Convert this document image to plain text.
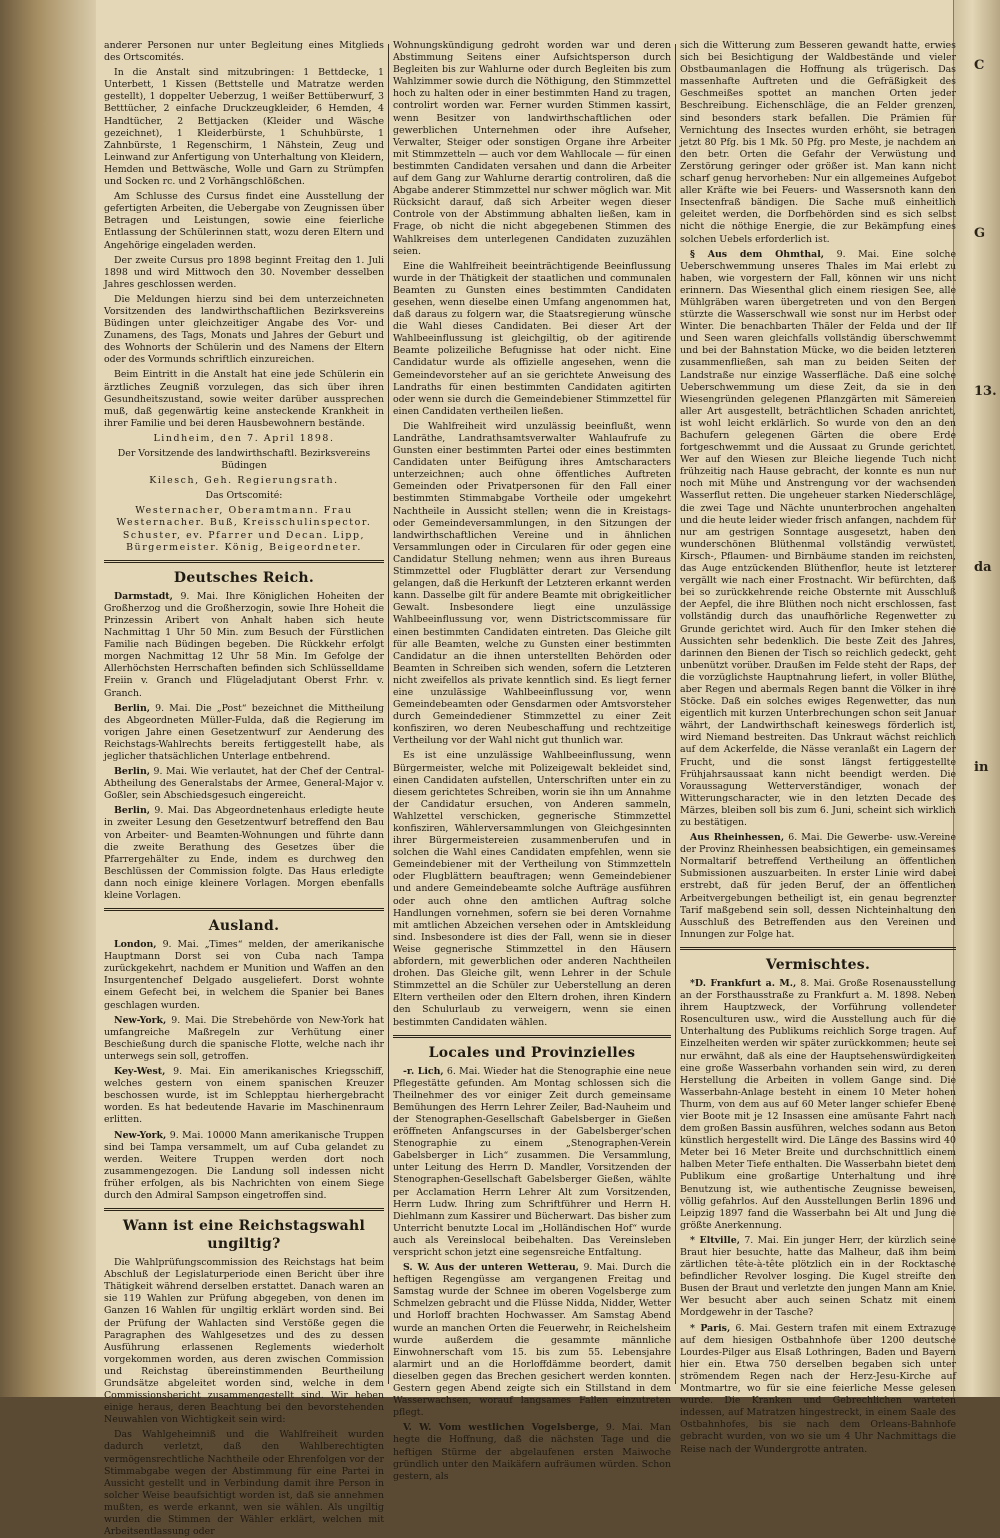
C
G
13.
da
in

anderer Personen nur unter Begleitung eines Mitglieds des Ortscomités.

In die Anstalt sind mitzubringen: 1 Bettdecke, 1 Unterbett, 1 Kissen (Bettstelle und Matratze werden gestellt), 1 doppelter Ueberzug, 1 weißer Bettüberwurf, 3 Betttücher, 2 einfache Druckzeugkleider, 6 Hemden, 4 Handtücher, 2 Bettjacken (Kleider und Wäsche gezeichnet), 1 Kleiderbürste, 1 Schuhbürste, 1 Zahnbürste, 1 Regenschirm, 1 Nähstein, Zeug und Leinwand zur Anfertigung von Unterhaltung von Kleidern, Hemden und Bettwäsche, Wolle und Garn zu Strümpfen und Socken rc. und 2 Vorhängschlößchen.

Am Schlusse des Cursus findet eine Ausstellung der gefertigten Arbeiten, die Uebergabe von Zeugnissen über Betragen und Leistungen, sowie eine feierliche Entlassung der Schülerinnen statt, wozu deren Eltern und Angehörige eingeladen werden.

Der zweite Cursus pro 1898 beginnt Freitag den 1. Juli 1898 und wird Mittwoch den 30. November desselben Jahres geschlossen werden.

Die Meldungen hierzu sind bei dem unterzeichneten Vorsitzenden des landwirthschaftlichen Bezirksvereins Büdingen unter gleichzeitiger Angabe des Vor- und Zunamens, des Tags, Monats und Jahres der Geburt und des Wohnorts der Schülerin und des Namens der Eltern oder des Vormunds schriftlich einzureichen.

Beim Eintritt in die Anstalt hat eine jede Schülerin ein ärztliches Zeugniß vorzulegen, das sich über ihren Gesundheitszustand, sowie weiter darüber aussprechen muß, daß gegenwärtig keine ansteckende Krankheit in ihrer Familie und bei deren Hausbewohnern bestände.

Lindheim, den 7. April 1898.

Der Vorsitzende des landwirthschaftl. Bezirksvereins Büdingen

Kilesch, Geh. Regierungsrath.

Das Ortscomité:

Westernacher, Oberamtmann. Frau Westernacher. Buß, Kreisschulinspector. Schuster, ev. Pfarrer und Decan. Lipp, Bürgermeister. König, Beigeordneter.

Deutsches Reich.

Darmstadt, 9. Mai. Ihre Königlichen Hoheiten der Großherzog und die Großherzogin, sowie Ihre Hoheit die Prinzessin Aribert von Anhalt haben sich heute Nachmittag 1 Uhr 50 Min. zum Besuch der Fürstlichen Familie nach Büdingen begeben. Die Rückkehr erfolgt morgen Nachmittag 12 Uhr 58 Min. Im Gefolge der Allerhöchsten Herrschaften befinden sich Schlüsselldame Freiin v. Granch und Flügeladjutant Oberst Frhr. v. Granch.

Berlin, 9. Mai. Die „Post“ bezeichnet die Mittheilung des Abgeordneten Müller-Fulda, daß die Regierung im vorigen Jahre einen Gesetzentwurf zur Aenderung des Reichstags-Wahlrechts bereits fertiggestellt habe, als jeglicher thatsächlichen Unterlage entbehrend.

Berlin, 9. Mai. Wie verlautet, hat der Chef der Central-Abtheilung des Generalstabs der Armee, General-Major v. Goßler, sein Abschiedsgesuch eingereicht.

Berlin, 9. Mai. Das Abgeordnetenhaus erledigte heute in zweiter Lesung den Gesetzentwurf betreffend den Bau von Arbeiter- und Beamten-Wohnungen und führte dann die zweite Berathung des Gesetzes über die Pfarrergehälter zu Ende, indem es durchweg den Beschlüssen der Commission folgte. Das Haus erledigte dann noch einige kleinere Vorlagen. Morgen ebenfalls kleine Vorlagen.

Ausland.

London, 9. Mai. „Times“ melden, der amerikanische Hauptmann Dorst sei von Cuba nach Tampa zurückgekehrt, nachdem er Munition und Waffen an den Insurgentenchef Delgado ausgeliefert. Dorst wohnte einem Gefecht bei, in welchem die Spanier bei Banes geschlagen wurden.

New-York, 9. Mai. Die Strebehörde von New-York hat umfangreiche Maßregeln zur Verhütung einer Beschießung durch die spanische Flotte, welche nach ihr unterwegs sein soll, getroffen.

Key-West, 9. Mai. Ein amerikanisches Kriegsschiff, welches gestern von einem spanischen Kreuzer beschossen wurde, ist im Schlepptau hierhergebracht worden. Es hat bedeutende Havarie im Maschinenraum erlitten.

New-York, 9. Mai. 10000 Mann amerikanische Truppen sind bei Tampa versammelt, um auf Cuba gelandet zu werden. Weitere Truppen werden dort noch zusammengezogen. Die Landung soll indessen nicht früher erfolgen, als bis Nachrichten von einem Siege durch den Admiral Sampson eingetroffen sind.

Wann ist eine Reichstagswahl ungiltig?

Die Wahlprüfungscommission des Reichstags hat beim Abschluß der Legislaturperiode einen Bericht über ihre Thätigkeit während derselben erstattet. Danach waren an sie 119 Wahlen zur Prüfung abgegeben, von denen im Ganzen 16 Wahlen für ungiltig erklärt worden sind. Bei der Prüfung der Wahlacten sind Verstöße gegen die Paragraphen des Wahlgesetzes und des zu dessen Ausführung erlassenen Reglements wiederholt vorgekommen worden, aus deren zwischen Commission und Reichstag übereinstimmenden Beurtheilung Grundsätze abgeleitet worden sind, welche in dem Commissionsbericht zusammengestellt sind. Wir heben einige heraus, deren Beachtung bei den bevorstehenden Neuwahlen von Wichtigkeit sein wird:

Das Wahlgeheimniß und die Wahlfreiheit wurden dadurch verletzt, daß den Wahlberechtigten vermögensrechtliche Nachtheile oder Ehrenfolgen vor der Stimmabgabe wegen der Abstimmung für eine Partei in Aussicht gestellt und in Verbindung damit ihre Person in solcher Weise beaufsichtigt worden ist, daß sie annehmen mußten, es werde erkannt, wen sie wählen. Als ungiltig wurden die Stimmen der Wähler erklärt, welchen mit Arbeitsentlassung oder

Wohnungskündigung gedroht worden war und deren Abstimmung Seitens einer Aufsichtsperson durch Begleiten bis zur Wahlurne oder durch Begleiten bis zum Wahlzimmer sowie durch die Nöthigung, den Stimmzettel hoch zu halten oder in einer bestimmten Hand zu tragen, controlirt worden war. Ferner wurden Stimmen kassirt, wenn Besitzer von landwirthschaftlichen oder gewerblichen Unternehmen oder ihre Aufseher, Verwalter, Steiger oder sonstigen Organe ihre Arbeiter mit Stimmzetteln — auch vor dem Wahllocale — für einen bestimmten Candidaten versahen und dann die Arbeiter auf dem Gang zur Wahlurne derartig controliren, daß die Abgabe anderer Stimmzettel nur schwer möglich war. Mit Rücksicht darauf, daß sich Arbeiter wegen dieser Controle von der Abstimmung abhalten ließen, kam in Frage, ob nicht die nicht abgegebenen Stimmen des Wahlkreises dem unterlegenen Candidaten zuzuzählen seien.

Eine die Wahlfreiheit beeinträchtigende Beeinflussung wurde in der Thätigkeit der staatlichen und communalen Beamten zu Gunsten eines bestimmten Candidaten gesehen, wenn dieselbe einen Umfang angenommen hat, daß daraus zu folgern war, die Staatsregierung wünsche die Wahl dieses Candidaten. Bei dieser Art der Wahlbeeinflussung ist gleichgiltig, ob der agitirende Beamte polizeiliche Befugnisse hat oder nicht. Eine Candidatur wurde als offizielle angesehen, wenn die Gemeindevorsteher auf an sie gerichtete Anweisung des Landraths für einen bestimmten Candidaten agitirten oder wenn sie durch die Gemeindebiener Stimmzettel für einen Candidaten vertheilen ließen.

Die Wahlfreiheit wird unzulässig beeinflußt, wenn Landräthe, Landrathsamtsverwalter Wahlaufrufe zu Gunsten einer bestimmten Partei oder eines bestimmten Candidaten unter Beifügung ihres Amtscharacters unterzeichnen; auch ohne öffentliches Auftreten Gemeinden oder Privatpersonen für den Fall einer bestimmten Stimmabgabe Vortheile oder umgekehrt Nachtheile in Aussicht stellen; wenn die in Kreistags- oder Gemeindeversammlungen, in den Sitzungen der landwirthschaftlichen Vereine und in ähnlichen Versammlungen oder in Circularen für oder gegen eine Candidatur Stellung nehmen; wenn aus ihren Bureaus Stimmzettel oder Flugblätter derart zur Versendung gelangen, daß die Herkunft der Letzteren erkannt werden kann. Dasselbe gilt für andere Beamte mit obrigkeitlicher Gewalt. Insbesondere liegt eine unzulässige Wahlbeeinflussung vor, wenn Districtscommissare für einen bestimmten Candidaten eintreten. Das Gleiche gilt für alle Beamten, welche zu Gunsten einer bestimmten Candidatur an die ihnen unterstellten Behörden oder Beamten in Schreiben sich wenden, sofern die Letzteren nicht zweifellos als private kenntlich sind. Es liegt ferner eine unzulässige Wahlbeeinflussung vor, wenn Gemeindebeamten oder Gensdarmen oder Amtsvorsteher durch Gemeindediener Stimmzettel zu einer Zeit konfisziren, wo deren Neubeschaffung und rechtzeitige Vertheilung vor der Wahl nicht gut thunlich war.

Es ist eine unzulässige Wahlbeeinflussung, wenn Bürgermeister, welche mit Polizeigewalt bekleidet sind, einen Candidaten aufstellen, Unterschriften unter ein zu diesem gerichtetes Schreiben, worin sie ihn um Annahme der Candidatur ersuchen, von Anderen sammeln, Wahlzettel verschicken, gegnerische Stimmzettel konfisziren, Wählerversammlungen von Gleichgesinnten ihrer Bürgermeistereien zusammenberufen und in solchen die Wahl eines Candidaten empfehlen, wenn sie Gemeindebiener mit der Vertheilung von Stimmzetteln oder Flugblättern beauftragen; wenn Gemeindebiener und andere Gemeindebeamte solche Aufträge ausführen oder auch ohne den amtlichen Auftrag solche Handlungen vornehmen, sofern sie bei deren Vornahme mit amtlichen Abzeichen versehen oder in Amtskleidung sind. Insbesondere ist dies der Fall, wenn sie in dieser Weise gegnerische Stimmzettel in den Häusern abfordern, mit gewerblichen oder anderen Nachtheilen drohen. Das Gleiche gilt, wenn Lehrer in der Schule Stimmzettel an die Schüler zur Ueberstellung an deren Eltern vertheilen oder den Eltern drohen, ihren Kindern den Schulurlaub zu verweigern, wenn sie einen bestimmten Candidaten wählen.

Locales und Provinzielles

-r. Lich, 6. Mai. Wieder hat die Stenographie eine neue Pflegestätte gefunden. Am Montag schlossen sich die Theilnehmer des vor einiger Zeit durch gemeinsame Bemühungen des Herrn Lehrer Zeiler, Bad-Nauheim und der Stenographen-Gesellschaft Gabelsberger in Gießen eröffneten Anfangscurses in der Gabelsberger'schen Stenographie zu einem „Stenographen-Verein Gabelsberger in Lich“ zusammen. Die Versammlung, unter Leitung des Herrn D. Mandler, Vorsitzenden der Stenographen-Gesellschaft Gabelsberger Gießen, wählte per Acclamation Herrn Lehrer Alt zum Vorsitzenden, Herrn Ludw. Ihring zum Schriftführer und Herrn H. Diehlmann zum Kassirer und Bücherwart. Das bisher zum Unterricht benutzte Local im „Holländischen Hof“ wurde auch als Vereinslocal beibehalten. Das Vereinsleben verspricht schon jetzt eine segensreiche Entfaltung.

S. W. Aus der unteren Wetterau, 9. Mai. Durch die heftigen Regengüsse am vergangenen Freitag und Samstag wurde der Schnee im oberen Vogelsberge zum Schmelzen gebracht und die Flüsse Nidda, Nidder, Wetter und Horloff brachten Hochwasser. Am Samstag Abend wurde an manchen Orten die Feuerwehr, in Reichelsheim wurde außerdem die gesammte männliche Einwohnerschaft vom 15. bis zum 55. Lebensjahre alarmirt und an die Horloffdämme beordert, damit dieselben gegen das Brechen gesichert werden konnten. Gestern gegen Abend zeigte sich ein Stillstand in dem Wasserwachsen, worauf langsames Fallen einzutreten pflegt.

V. W. Vom westlichen Vogelsberge, 9. Mai. Man hegte die Hoffnung, daß die nächsten Tage und die heftigen Stürme der abgelaufenen ersten Maiwoche gründlich unter den Maikäfern aufräumen würden. Schon gestern, als

sich die Witterung zum Besseren gewandt hatte, erwies sich bei Besichtigung der Waldbestände und vieler Obstbaumanlagen die Hoffnung als trügerisch. Das massenhafte Auftreten und die Gefräßigkeit des Geschmeißes spottet an manchen Orten jeder Beschreibung. Eichenschläge, die an Felder grenzen, sind besonders stark befallen. Die Prämien für Vernichtung des Insectes wurden erhöht, sie betragen jetzt 80 Pfg. bis 1 Mk. 50 Pfg. pro Meste, je nachdem an den betr. Orten die Gefahr der Verwüstung und Zerstörung geringer oder größer ist. Man kann nicht scharf genug hervorheben: Nur ein allgemeines Aufgebot aller Kräfte wie bei Feuers- und Wassersnoth kann den Insectenfraß bändigen. Die Sache muß einheitlich geleitet werden, die Dorfbehörden sind es sich selbst nicht die nöthige Energie, die zur Bekämpfung eines solchen Uebels erforderlich ist.

§ Aus dem Ohmthal, 9. Mai. Eine solche Ueberschwemmung unseres Thales im Mai erlebt zu haben, wie vorgestern der Fall, können wir uns nicht erinnern. Das Wiesenthal glich einem riesigen See, alle Mühlgräben waren übergetreten und von den Bergen stürzte die Wasserschwall wie sonst nur im Herbst oder Winter. Die benachbarten Thäler der Felda und der Ilf und Seen waren gleichfalls vollständig überschwemmt und bei der Bahnstation Mücke, wo die beiden letzteren zusammenfließen, sah man zu beiden Seiten der Landstraße nur einzige Wasserfläche. Daß eine solche Ueberschwemmung um diese Zeit, da sie in den Wiesengründen gelegenen Pflanzgärten mit Sämereien aller Art ausgestellt, beträchtlichen Schaden anrichtet, ist wohl leicht erklärlich. So wurde von den an den Bachufern gelegenen Gärten die obere Erde fortgeschwemmt und die Aussaat zu Grunde gerichtet. Wer auf den Wiesen zur Bleiche liegende Tuch nicht frühzeitig nach Hause gebracht, der konnte es nun nur noch mit Mühe und Anstrengung vor der wachsenden Wasserflut retten. Die ungeheuer starken Niederschläge, die zwei Tage und Nächte ununterbrochen angehalten und die heute leider wieder frisch anfangen, nachdem für nur am gestrigen Sonntage ausgesetzt, haben den wunderschönen Blüthenmal vollständig verwüstet. Kirsch-, Pflaumen- und Birnbäume standen im reichsten, das Auge entzückenden Blüthenflor, heute ist letzterer vergällt wie nach einer Frostnacht. Wir befürchten, daß bei so zurückkehrende reiche Obsternte mit Ausschluß der Aepfel, die ihre Blüthen noch nicht erschlossen, fast vollständig durch das unaufhörliche Regenwetter zu Grunde gerichtet wird. Auch für den Imker stehen die Aussichten sehr bedenklich. Die beste Zeit des Jahres, darinnen den Bienen der Tisch so reichlich gedeckt, geht unbenützt vorüber. Draußen im Felde steht der Raps, der die vorzüglichste Hauptnahrung liefert, in voller Blüthe, aber Regen und abermals Regen bannt die Völker in ihre Stöcke. Daß ein solches ewiges Regenwetter, das nun eigentlich mit kurzen Unterbrechungen schon seit Januar währt, der Landwirthschaft keineswegs förderlich ist, wird Niemand bestreiten. Das Unkraut wächst reichlich auf dem Ackerfelde, die Nässe veranlaßt ein Lagern der Frucht, und die sonst längst fertiggestellte Frühjahrsaussaat kann nicht beendigt werden. Die Voraussagung Wetterverständiger, wonach der Witterungscharacter, wie in den letzten Decade des Märzes, bleiben soll bis zum 6. Juni, scheint sich wirklich zu bestätigen.

Aus Rheinhessen, 6. Mai. Die Gewerbe- usw.-Vereine der Provinz Rheinhessen beabsichtigen, ein gemeinsames Normaltarif betreffend Vertheilung an öffentlichen Submissionen auszuarbeiten. In erster Linie wird dabei erstrebt, daß für jeden Beruf, der an öffentlichen Arbeitvergebungen betheiligt ist, ein genau begrenzter Tarif maßgebend sein soll, dessen Nichteinhaltung den Ausschluß des Betreffenden aus den Vereinen und Innungen zur Folge hat.

Vermischtes.

*D. Frankfurt a. M., 8. Mai. Große Rosenausstellung an der Forsthausstraße zu Frankfurt a. M. 1898. Neben ihrem Hauptzweck, der Vorführung vollendeter Rosenculturen usw., wird die Ausstellung auch für die Unterhaltung des Publikums reichlich Sorge tragen. Auf Einzelheiten werden wir später zurückkommen; heute sei nur erwähnt, daß als eine der Hauptsehenswürdigkeiten eine große Wasserbahn vorhanden sein wird, zu deren Herstellung die Arbeiten in vollem Gange sind. Die Wasserbahn-Anlage besteht in einem 10 Meter hohen Thurm, von dem aus auf 60 Meter langer schiefer Ebene vier Boote mit je 12 Insassen eine amüsante Fahrt nach dem großen Bassin ausführen, welches sodann aus Beton künstlich hergestellt wird. Die Länge des Bassins wird 40 Meter bei 16 Meter Breite und durchschnittlich einem halben Meter Tiefe enthalten. Die Wasserbahn bietet dem Publikum eine großartige Unterhaltung und ihre Benutzung ist, wie authentische Zeugnisse beweisen, völlig gefahrlos. Auf den Ausstellungen Berlin 1896 und Leipzig 1897 fand die Wasserbahn bei Alt und Jung die größte Anerkennung.

* Eltville, 7. Mai. Ein junger Herr, der kürzlich seine Braut hier besuchte, hatte das Malheur, daß ihm beim zärtlichen tête-à-tête plötzlich ein in der Rocktasche befindlicher Revolver losging. Die Kugel streifte den Busen der Braut und verletzte den jungen Mann am Knie. Wer besucht aber auch seinen Schatz mit einem Mordgewehr in der Tasche?

* Paris, 6. Mai. Gestern trafen mit einem Extrazuge auf dem hiesigen Ostbahnhofe über 1200 deutsche Lourdes-Pilger aus Elsaß Lothringen, Baden und Bayern hier ein. Etwa 750 derselben begaben sich unter strömendem Regen nach der Herz-Jesu-Kirche auf Montmartre, wo für sie eine feierliche Messe gelesen wurde. Die Kranken und Gebrechlichen warteten indessen, auf Matratzen hingestreckt, in einem Saale des Ostbahnhofes, bis sie nach dem Orleans-Bahnhofe gebracht wurden, von wo sie um 4 Uhr Nachmittags die Reise nach der Wundergrotte antraten.
